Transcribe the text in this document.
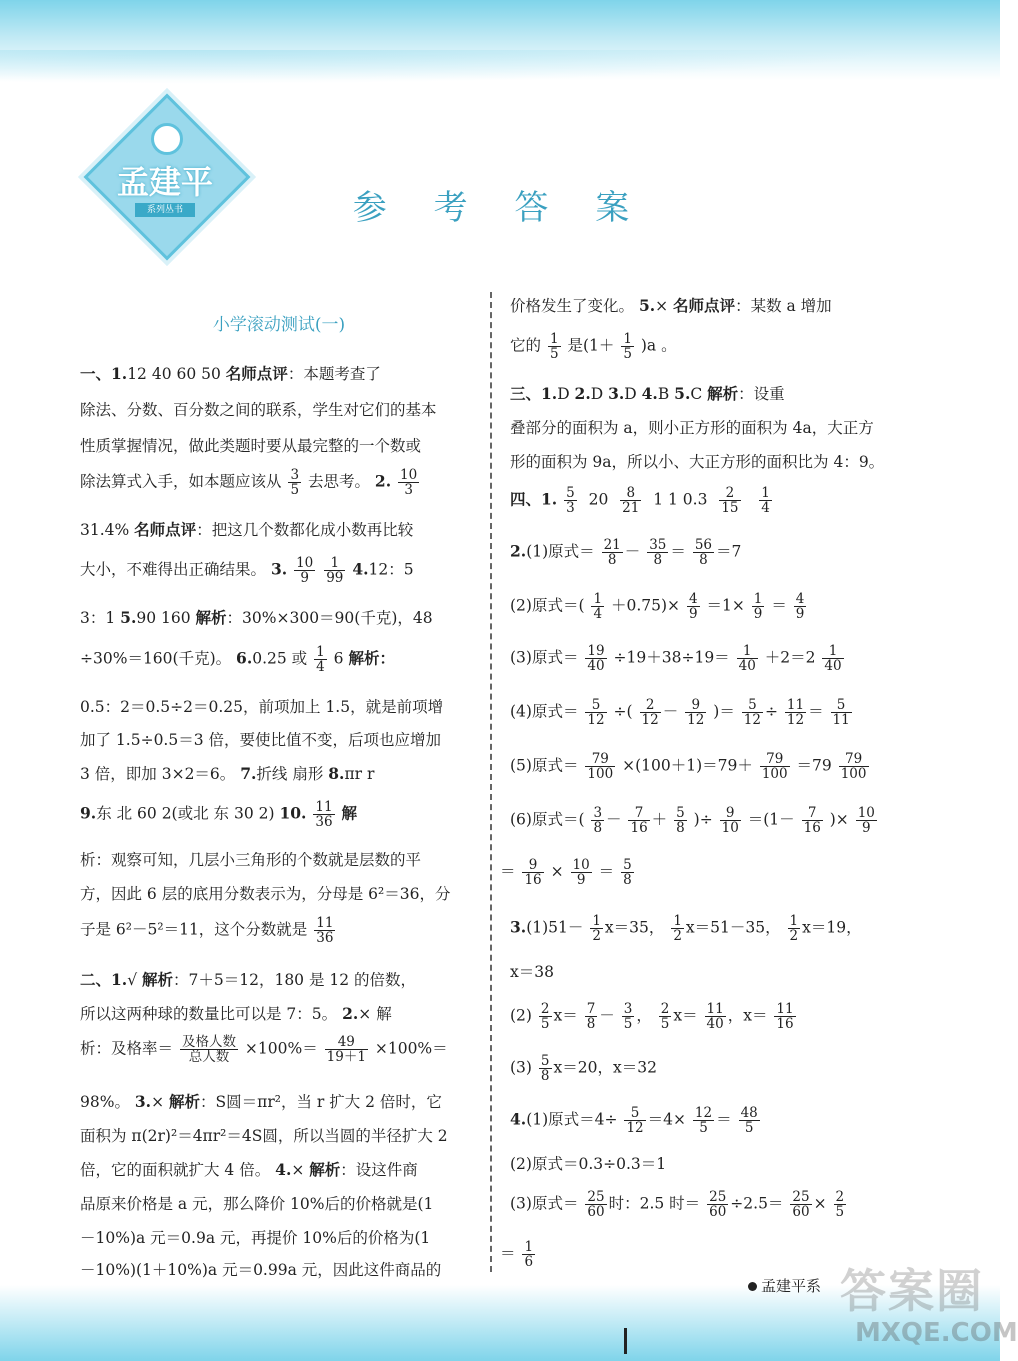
孟建平
系列丛书	参 考 答 案
小学滚动测试(一)
一、1.12 40 60 50 名师点评：本题考查了
除法、分数、百分数之间的联系，学生对它们的基本
性质掌握情况，做此类题时要从最完整的一个数或
除法算式入手，如本题应该从 $\frac{3}{5}$ 去思考。 2. $\frac{10}{3}$
31.4% 名师点评：把这几个数都化成小数再比较
大小，不难得出正确结果。 3. $\frac{10}{9}$
$\frac{1}{99} 4.12$：5
3：1 5.90 160 解析：30%×300＝90(千克)，48
÷30%＝160(千克)。 6.0.25 或 $\frac{1}{4} 6$ 解析：
0.5：2＝0.5÷2＝0.25，前项加上 1.5，就是前项增
加了 1.5÷0.5＝3 倍，要使比值不变，后项也应增加
3 倍，即加 3×2＝6。 7.折线 扇形 8.πr r
9.东 北 60 2(或北 东 30 2) 10. $\frac{11}{36}$ 解
析：观察可知，几层小三角形的个数就是层数的平
方，因此 6 层的底用分数表示为，分母是 6²＝36，分
子是 6²－5²＝11，这个分数就是 $\frac{11}{36}$
二、1.√ 解析：7＋5＝12，180 是 12 的倍数，
所以这两种球的数量比可以是 7：5。 2.× 解
析：及格率＝ $\frac{\text{及格人数}}{\text{总人数}} \times 100\%= \frac{49}{19+1} \times 100\%=$
98%。 3.× 解析：S圆＝πr²，当 r 扩大 2 倍时，它
面积为 π(2r)²＝4πr²＝4S圆，所以当圆的半径扩大 2
倍，它的面积就扩大 4 倍。 4.× 解析：设这件商
品原来价格是 a 元，那么降价 10%后的价格就是(1
－10%)a 元＝0.9a 元，再提价 10%后的价格为(1
－10%)(1＋10%)a 元＝0.99a 元，因此这件商品的
价格发生了变化。 5.× 名师点评：某数 a 增加
它的 $\frac{1}{5}$ 是$(1+ \frac{1}{5} )a$ 。
三、1.D 2.D 3.D 4.B 5.C 解析：设重
叠部分的面积为 a，则小正方形的面积为 4a，大正方
形的面积为 9a，所以小、大正方形的面积比为 4：9。
四、1. $\frac{5}{3} 20 \frac{8}{21} 1$ 1 $0.3 \frac{2}{15}$
$\frac{1}{4}$
2.(1)原式＝ $\frac{21}{8} - \frac{35}{8} = \frac{56}{8} =7$
(2)原式＝( $\frac{1}{4} +0.75)\times \frac{4}{9} =1\times \frac{1}{9} = \frac{4}{9}$
(3)原式＝ $\frac{19}{40} \div 19+38\div 19= \frac{1}{40} +2=2 \frac{1}{40}$
(4)原式＝ $\frac{5}{12}$ ÷( $\frac{2}{12} - \frac{9}{12}$ )＝ $\frac{5}{12} \div \frac{11}{12} = \frac{5}{11}$
(5)原式＝ $\frac{79}{100} \times(100+1)=79+ \frac{79}{100} =79 \frac{79}{100}$
(6)原式＝( $\frac{3}{8} - \frac{7}{16} + \frac{5}{8}$ )÷ $\frac{9}{10} =(1- \frac{7}{16}$ )× $\frac{10}{9}$
＝ $\frac{9}{16} \times \frac{10}{9} = \frac{5}{8}$
$3.(1)51- \frac{1}{2} x=35$， $\frac{1}{2} x=51-35$， $\frac{1}{2} x=19$，
x＝38
$(2) \frac{2}{5} x= \frac{7}{8} - \frac{3}{5}$ ， $\frac{2}{5} x= \frac{11}{40}$ ，$x= \frac{11}{16}$
$(3) \frac{5}{8} x=20$，x＝32
4.(1)原式$=4\div \frac{5}{12} =4\times \frac{12}{5} = \frac{48}{5}$
(2)原式＝0.3÷0.3＝1
(3)原式＝ $\frac{25}{60}$ 时：2.5 时＝ $\frac{25}{60} \div 2.5= \frac{25}{60} \times \frac{2}{5}$
＝ $\frac{1}{6}$
孟建平系 答案圈
MXQE.COM
